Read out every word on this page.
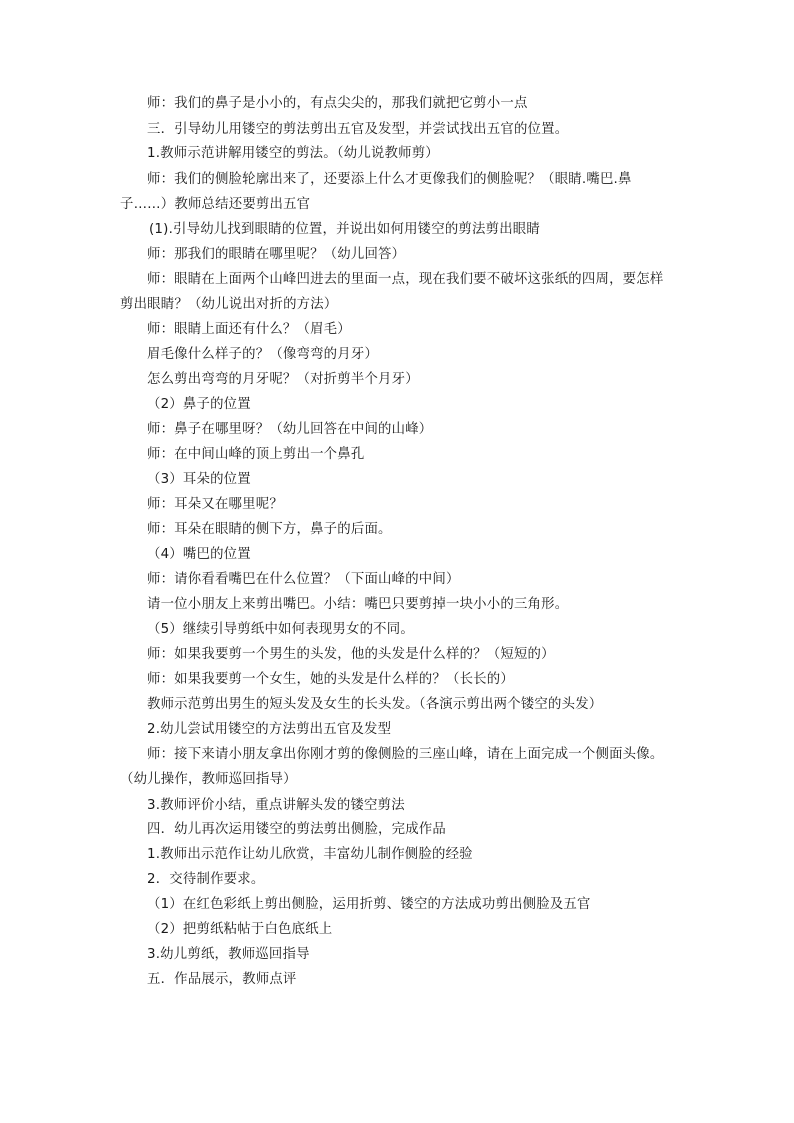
师：我们的鼻子是小小的，有点尖尖的，那我们就把它剪小一点
三．引导幼儿用镂空的剪法剪出五官及发型，并尝试找出五官的位置。
1.教师示范讲解用镂空的剪法。（幼儿说教师剪）
师：我们的侧脸轮廓出来了，还要添上什么才更像我们的侧脸呢？（眼睛.嘴巴.鼻
子……）教师总结还要剪出五官
(1).引导幼儿找到眼睛的位置，并说出如何用镂空的剪法剪出眼睛
师：那我们的眼睛在哪里呢？（幼儿回答）
师：眼睛在上面两个山峰凹进去的里面一点，现在我们要不破坏这张纸的四周，要怎样
剪出眼睛？（幼儿说出对折的方法）
师：眼睛上面还有什么？（眉毛）
眉毛像什么样子的？（像弯弯的月牙）
怎么剪出弯弯的月牙呢？（对折剪半个月牙）
（2）鼻子的位置
师：鼻子在哪里呀？（幼儿回答在中间的山峰）
师：在中间山峰的顶上剪出一个鼻孔
（3）耳朵的位置
师：耳朵又在哪里呢？
师：耳朵在眼睛的侧下方，鼻子的后面。
（4）嘴巴的位置
师：请你看看嘴巴在什么位置？（下面山峰的中间）
请一位小朋友上来剪出嘴巴。小结：嘴巴只要剪掉一块小小的三角形。
（5）继续引导剪纸中如何表现男女的不同。
师：如果我要剪一个男生的头发，他的头发是什么样的？（短短的）
师：如果我要剪一个女生，她的头发是什么样的？（长长的）
教师示范剪出男生的短头发及女生的长头发。（各演示剪出两个镂空的头发）
2.幼儿尝试用镂空的方法剪出五官及发型
师：接下来请小朋友拿出你刚才剪的像侧脸的三座山峰，请在上面完成一个侧面头像。
（幼儿操作，教师巡回指导）
3.教师评价小结，重点讲解头发的镂空剪法
四．幼儿再次运用镂空的剪法剪出侧脸，完成作品
1.教师出示范作让幼儿欣赏，丰富幼儿制作侧脸的经验
2．交待制作要求。
（1）在红色彩纸上剪出侧脸，运用折剪、镂空的方法成功剪出侧脸及五官
（2）把剪纸粘帖于白色底纸上
3.幼儿剪纸，教师巡回指导
五．作品展示，教师点评
